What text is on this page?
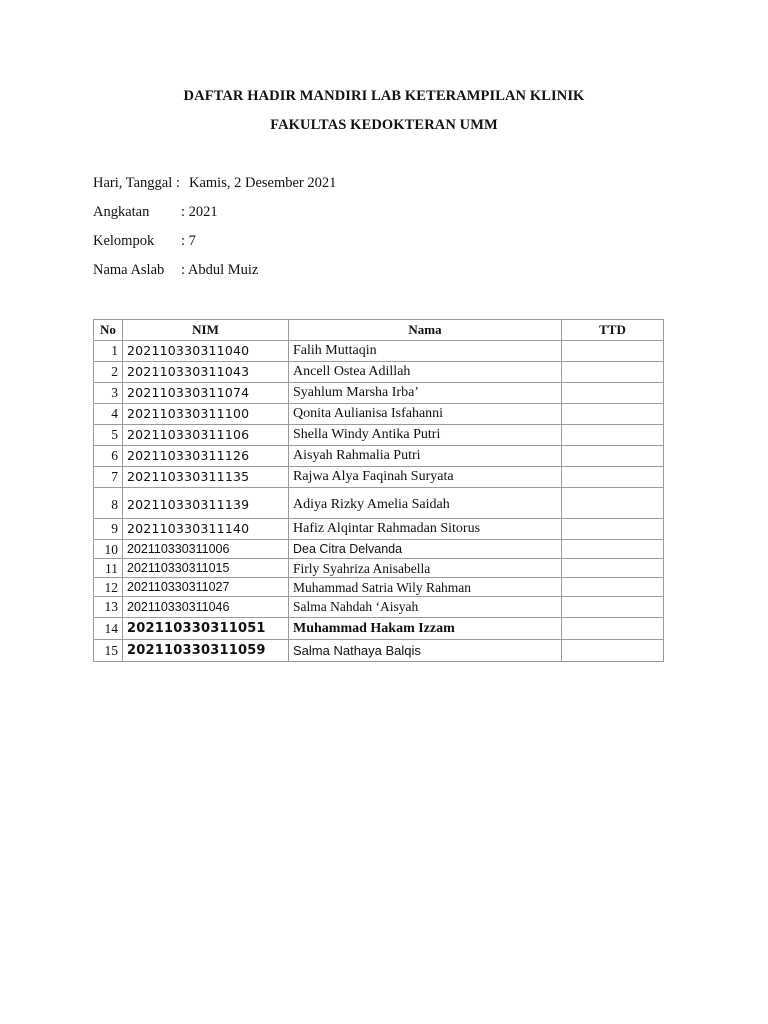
DAFTAR HADIR MANDIRI LAB KETERAMPILAN KLINIK
FAKULTAS KEDOKTERAN UMM
Hari, Tanggal : Kamis, 2 Desember 2021
Angkatan : 2021
Kelompok : 7
Nama Aslab : Abdul Muiz
No	NIM	Nama	TTD
1	202110330311040	Falih Muttaqin	
2	202110330311043	Ancell Ostea Adillah	
3	202110330311074	Syahlum Marsha Irba’	
4	202110330311100	Qonita Aulianisa Isfahanni	
5	202110330311106	Shella Windy Antika Putri	
6	202110330311126	Aisyah Rahmalia Putri	
7	202110330311135	Rajwa Alya Faqinah Suryata	
8	202110330311139	Adiya Rizky Amelia Saidah	
9	202110330311140	Hafiz Alqintar Rahmadan Sitorus	
10	202110330311006	Dea Citra Delvanda	
11	202110330311015	Firly Syahriza Anisabella	
12	202110330311027	Muhammad Satria Wily Rahman	
13	202110330311046	Salma Nahdah ‘Aisyah	
14	202110330311051	Muhammad Hakam Izzam	
15	202110330311059	Salma Nathaya Balqis	
